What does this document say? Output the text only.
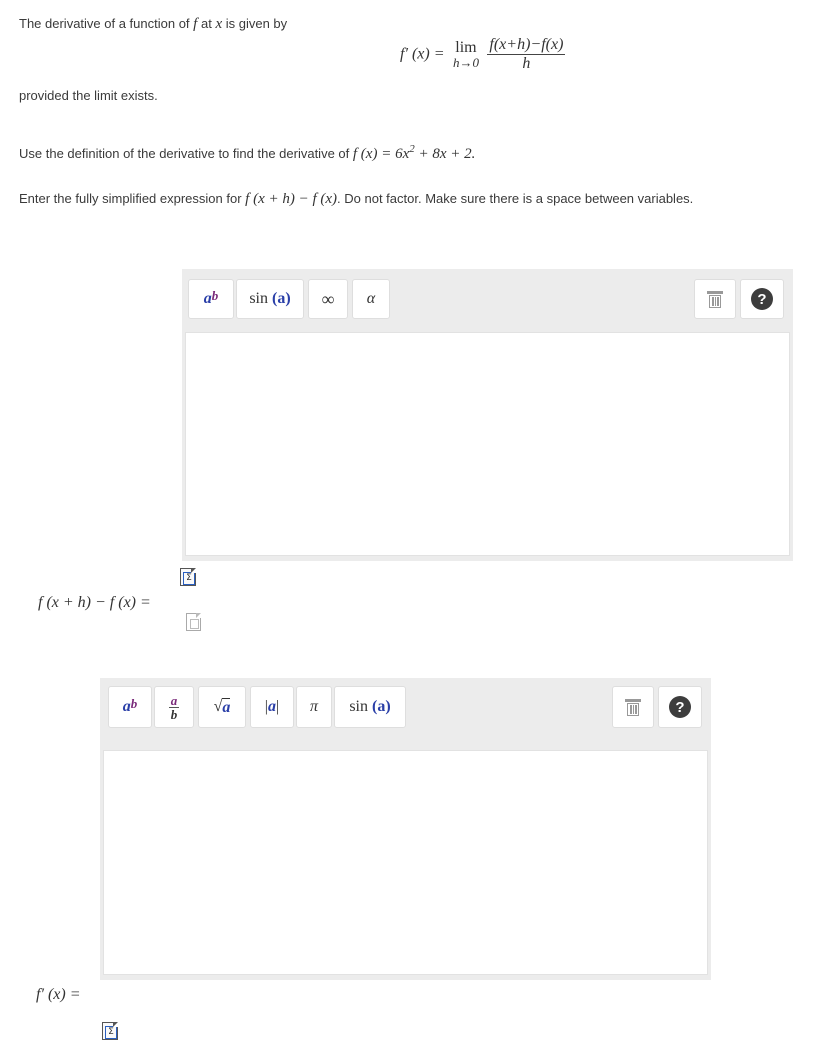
The derivative of a function of f at x is given by
f′ (x) = lim
h→0
$\frac{f(x+h)-f(x)}{h}$
provided the limit exists.
Use the definition of the derivative to find the derivative of f $(x) = 6x^2 + 8x + 2$.
Enter the fully simplified expression for f (x + h) − f (x). Do not factor. Make sure there is a space between variables.
$a^b$ sin
(a)	∞	α	?
Σ
f (x + h) − f (x) =
$a^b \frac{a}{b}$ √ a | a |	π	sin
(a)	?
f′ (x) =
Σ
